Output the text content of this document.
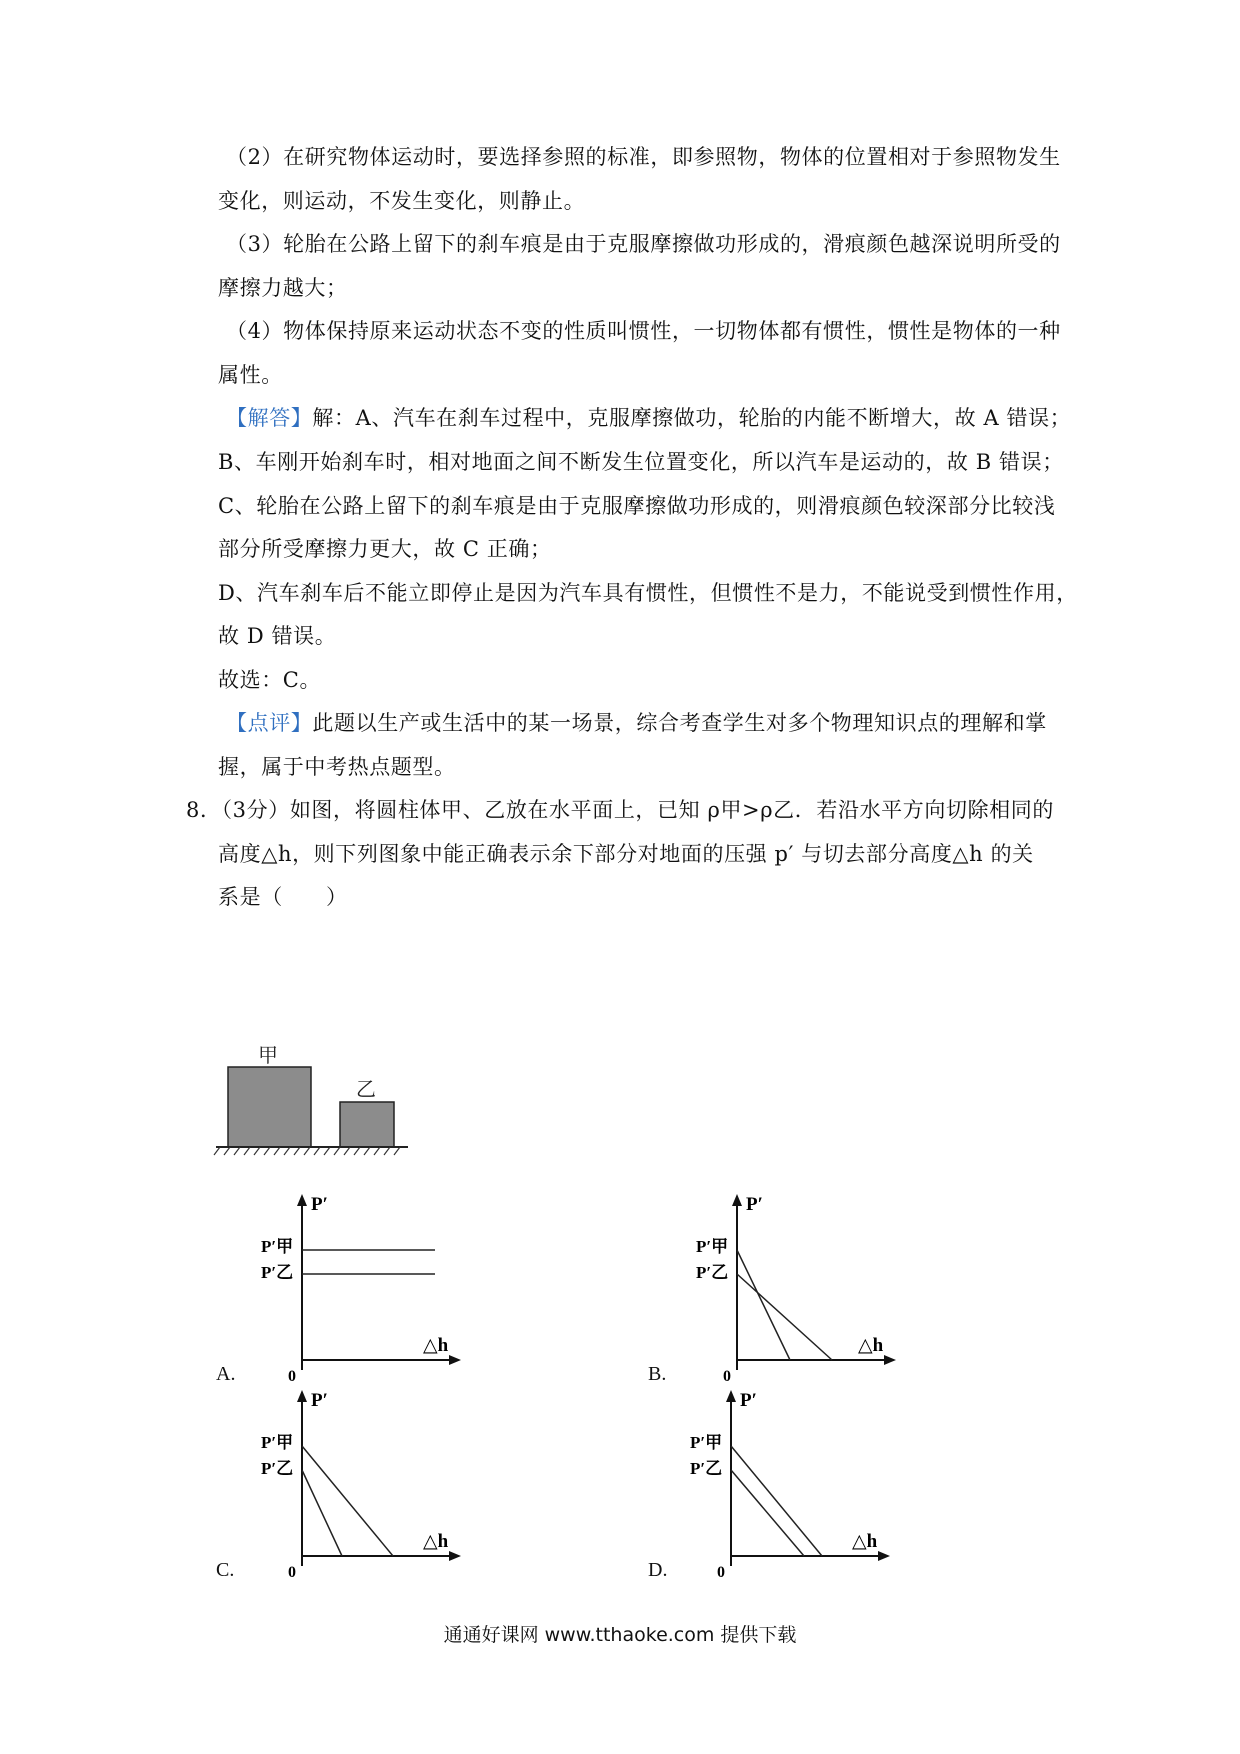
（2）在研究物体运动时，要选择参照的标准，即参照物，物体的位置相对于参照物发生
变化，则运动，不发生变化，则静止。
（3）轮胎在公路上留下的刹车痕是由于克服摩擦做功形成的，滑痕颜色越深说明所受的
摩擦力越大；
（4）物体保持原来运动状态不变的性质叫惯性，一切物体都有惯性，惯性是物体的一种
属性。
【解答】解：A、汽车在刹车过程中，克服摩擦做功，轮胎的内能不断增大，故 A 错误；
B、车刚开始刹车时，相对地面之间不断发生位置变化，所以汽车是运动的，故 B 错误；
C、轮胎在公路上留下的刹车痕是由于克服摩擦做功形成的，则滑痕颜色较深部分比较浅
部分所受摩擦力更大，故 C 正确；
D、汽车刹车后不能立即停止是因为汽车具有惯性，但惯性不是力，不能说受到惯性作用，
故 D 错误。
故选：C。
【点评】此题以生产或生活中的某一场景，综合考查学生对多个物理知识点的理解和掌
握，属于中考热点题型。
8．（3分）如图，将圆柱体甲、乙放在水平面上，已知 ρ甲>ρ乙．若沿水平方向切除相同的
高度△h，则下列图象中能正确表示余下部分对地面的压强 p′ 与切去部分高度△h 的关
系是（　　）
甲
乙
P′
△h
0
P′甲
P′乙
P′
△h
0
P′甲
P′乙
P′
△h
0
P′甲
P′乙
P′
△h
0
P′甲
P′乙
A.	B.
C.	D.
通通好课网 www.tthaoke.com 提供下载
